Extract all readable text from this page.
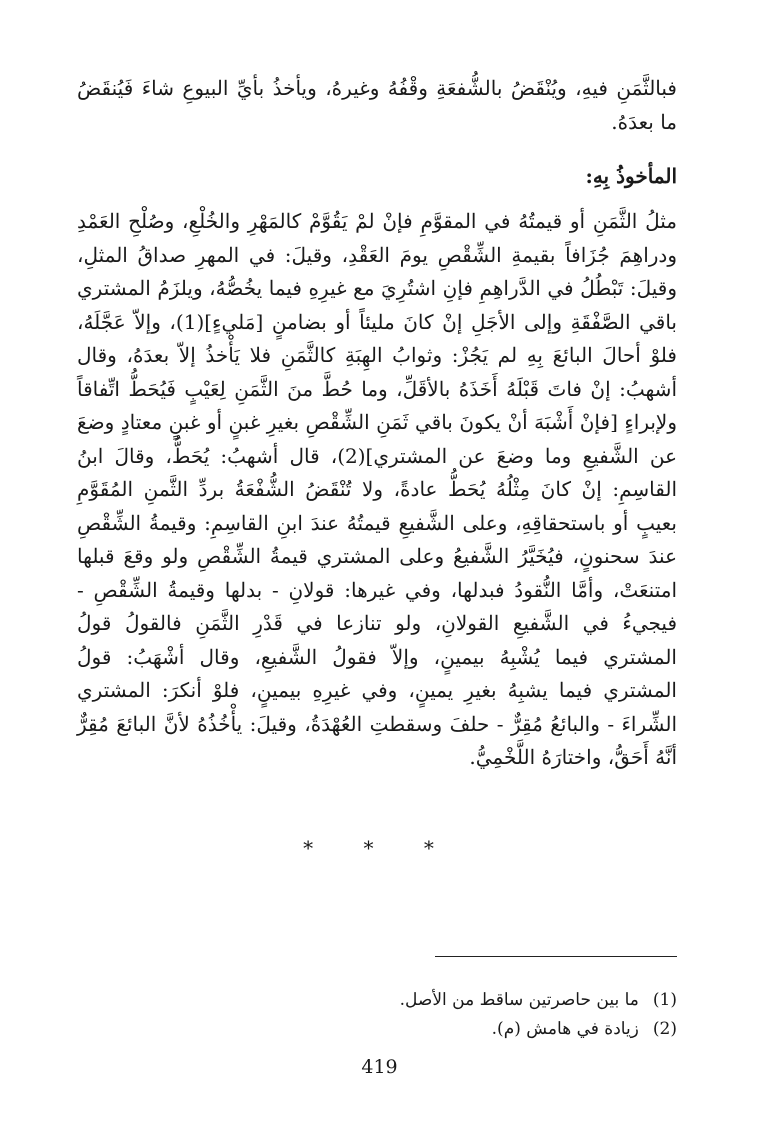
فبالثَّمَنِ فيهِ، ويُنْقَضُ بالشُّفعَةِ وقْفُهُ وغيرهُ، ويأخذُ بأيِّ البيوعِ شاءَ فَيُنقَضُ ما بعدَهُ.

المأخوذُ بِهِ:

مثلُ الثَّمَنِ أو قيمتُهُ في المقوَّمِ فإنْ لمْ يَقُوَّمْ كالمَهْرِ والخُلْعِ، وصُلْحِ العَمْدِ ودراهِمَ جُزَافاً بقيمةِ الشِّقْصِ يومَ العَقْدِ، وقيلَ: في المهرِ صداقُ المثلِ، وقيلَ: تَبْطُلُ في الدَّراهِمِ فإنِ اشتُرِيَ مع غيرِهِ فيما يخُصُّهُ، ويلزَمُ المشتري باقي الصَّفْقَةِ وإلى الأجَلِ إنْ كانَ مليئاً أو بضامنٍ [مَليءٍ](1)، وإلاّ عَجَّلَهُ، فلوْ أحالَ البائعَ بِهِ لم يَجُزْ: وثوابُ الهِبَةِ كالثَّمَنِ فلا يَأْخذُ إلاّ بعدَهُ، وقال أشهبُ: إنْ فاتَ قَبْلَهُ أَخَذَهُ بالأقَلِّ، وما حُطَّ منَ الثَّمَنِ لِعَيْبٍ فَيُحَطُّ اتِّفاقاً ولإبراءٍ [فإنْ أَشْبَهَ أنْ يكونَ باقي ثَمَنِ الشِّقْصِ بغيرِ غبنٍ أو غبنٍ معتادٍ وضعَ عن الشَّفيعِ وما وضعَ عن المشتري](2)، قال أشهبُ: يُحَطُّ، وقالَ ابنُ القاسِمِ: إنْ كانَ مِثْلُهُ يُحَطُّ عادةً، ولا تُنْقَضُ الشُّفْعَةُ بردِّ الثَّمنِ المُقَوَّمِ بعيبٍ أو باستحقاقِهِ، وعلى الشَّفيعِ قيمتُهُ عندَ ابنِ القاسِمِ: وقيمةُ الشِّقْصِ عندَ سحنونٍ، فيُخَيَّرُ الشَّفيعُ وعلى المشتري قيمةُ الشِّقْصِ ولو وقعَ قبلها امتنعَتْ، وأمَّا النُّقودُ فبدلها، وفي غيرها: قولانِ - بدلها وقيمةُ الشِّقْصِ - فيجيءُ في الشَّفيعِ القولانِ، ولو تنازعا في قَدْرِ الثَّمَنِ فالقولُ قولُ المشتري فيما يُشْبِهُ بيمينٍ، وإلاّ فقولُ الشَّفيعِ، وقال أشْهَبُ: قولُ المشتري فيما يشبِهُ بغيرِ يمينٍ، وفي غيرِهِ بيمينٍ، فلوْ أنكرَ: المشتري الشِّراءَ - والبائعُ مُقِرٌّ - حلفَ وسقطتِ العُهْدَةُ، وقيلَ: يأْخُذُهُ لأنَّ البائعَ مُقِرٌّ أنَّهُ أَحَقُّ، واختارَهُ اللَّخْمِيُّ.

* * *
(1)ما بين حاصرتين ساقط من الأصل.
(2)زيادة في هامش (م).
419
